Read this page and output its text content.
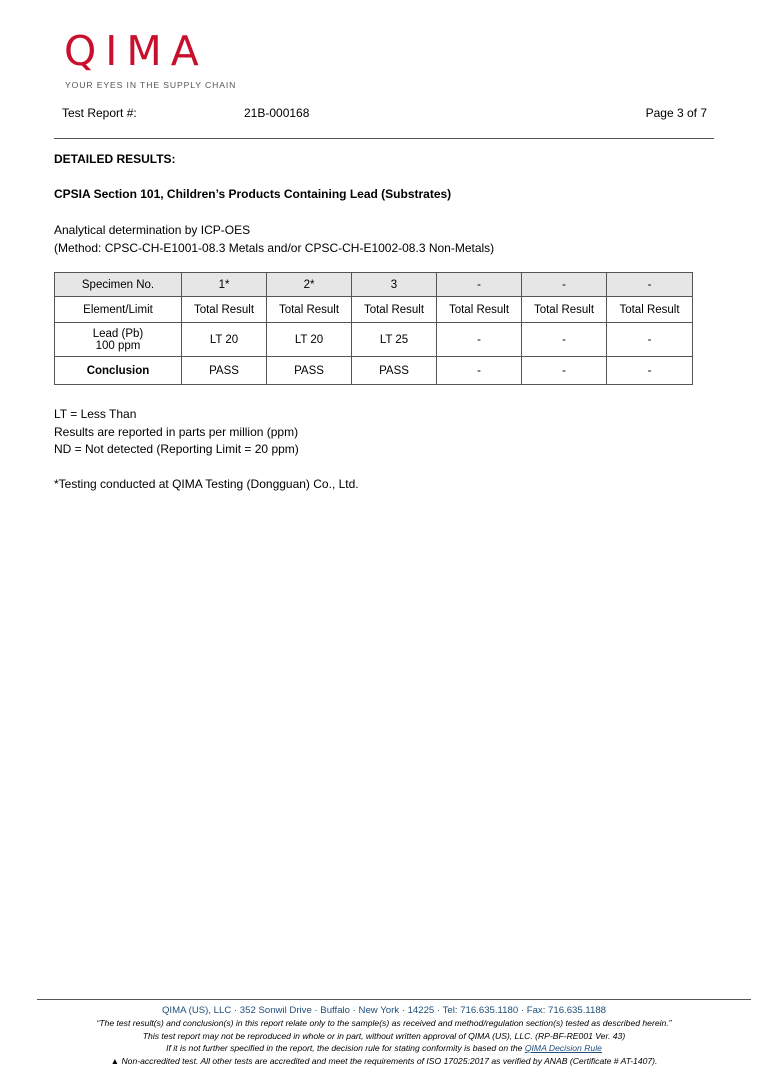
QIMA
YOUR EYES IN THE SUPPLY CHAIN
Test Report #:	21B-000168	Page 3 of 7
DETAILED RESULTS:
CPSIA Section 101, Children’s Products Containing Lead (Substrates)
Analytical determination by ICP-OES
(Method: CPSC-CH-E1001-08.3 Metals and/or CPSC-CH-E1002-08.3 Non-Metals)
Specimen No.	1*	2*	3	-	-	-
Element/Limit	Total Result	Total Result	Total Result	Total Result	Total Result	Total Result

Lead (Pb)
100 ppm	LT 20	LT 20	LT 25	-	-	-
Conclusion	PASS	PASS	PASS	-	-	-
LT = Less Than
Results are reported in parts per million (ppm)
ND = Not detected (Reporting Limit = 20 ppm)
*Testing conducted at QIMA Testing (Dongguan) Co., Ltd.
QIMA (US), LLC · 352 Sonwil Drive · Buffalo · New York · 14225 · Tel: 716.635.1180 · Fax: 716.635.1188
“The test result(s) and conclusion(s) in this report relate only to the sample(s) as received and method/regulation section(s) tested as described herein.”
This test report may not be reproduced in whole or in part, without written approval of QIMA (US), LLC. (RP-BF-RE001 Ver. 43)
If it is not further specified in the report, the decision rule for stating conformity is based on the QIMA Decision Rule
▲ Non-accredited test. All other tests are accredited and meet the requirements of ISO 17025:2017 as verified by ANAB (Certificate # AT-1407).
